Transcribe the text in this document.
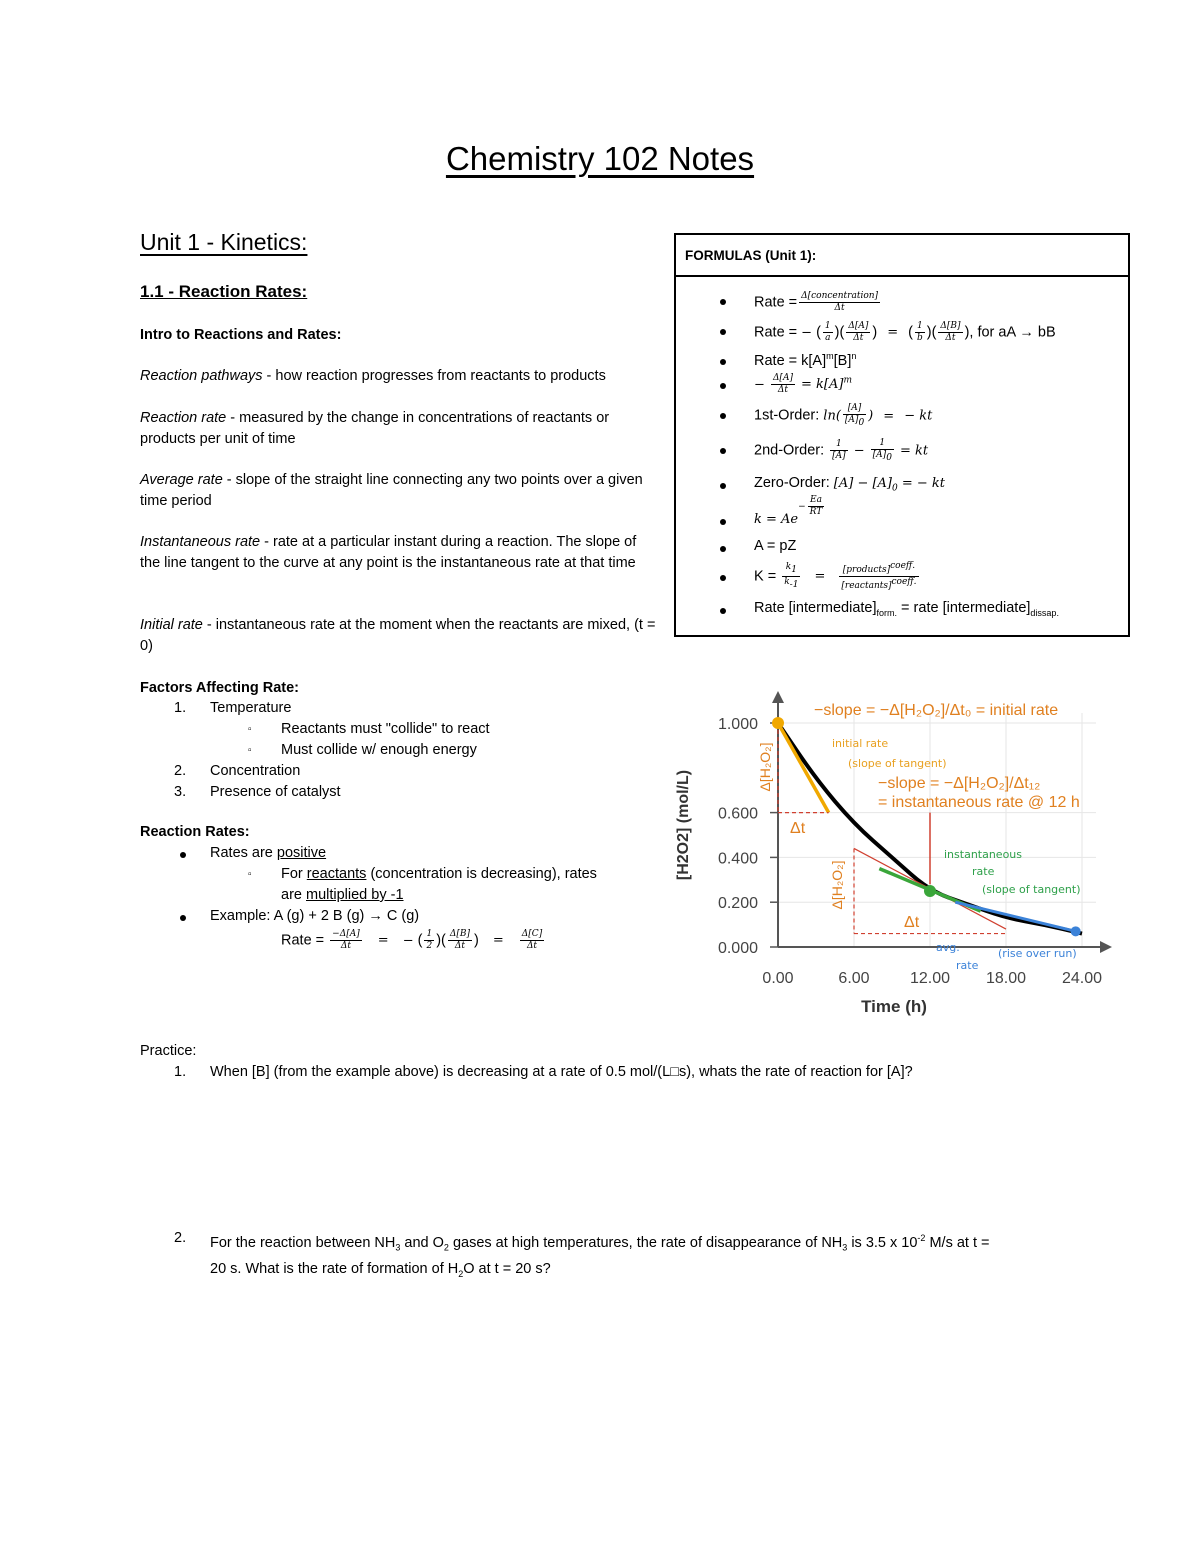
Chemistry 102 Notes
Unit 1 - Kinetics:
1.1 - Reaction Rates:
Intro to Reactions and Rates:
Reaction pathways - how reaction progresses from reactants to products
Reaction rate - measured by the change in concentrations of reactants or products per unit of time
Average rate - slope of the straight line connecting any two points over a given time period
Instantaneous rate - rate at a particular instant during a reaction. The slope of the line tangent to the curve at any point is the instantaneous rate at that time
Initial rate - instantaneous rate at the moment when the reactants are mixed, (t = 0)
Factors Affecting Rate:
1. Temperature
▫ Reactants must "collide" to react
▫ Must collide w/ enough energy
2. Concentration
3. Presence of catalyst
Reaction Rates:
Rates are positive
▫ For reactants (concentration is decreasing), rates
are multiplied by -1
Example: A (g) + 2 B (g) → C (g)
Rate = $\frac{-\Delta[A]}{\Delta t}$ = − ( $\frac{1}{2}$ )( $\frac{\Delta[B]}{\Delta t}$ ) = $\frac{\Delta[C]}{\Delta t}$
FORMULAS (Unit 1):
Rate = $\frac{\text{Δ[concentration]}}{\Delta t}$
Rate = − ( $\frac{1}{a}$ )( $\frac{\Delta[A]}{\Delta t}$ ) = ( $\frac{1}{b}$ )( $\frac{\Delta[B]}{\Delta t}$ ), for aA → bB
Rate = $k[A]^m[B]^n$
− $\frac{\Delta[A]}{\Delta t} = k[A]^m$
1st-Order: $\ln( \frac{[A]}{[A]_0}$ ) = − kt
2nd-Order: $\frac{1}{[A]} - \frac{1}{[A]_0}$ = kt
Zero-Order: $[A] - [A]_0$ = − kt
$k = Ae^{- \frac{Ea}{RT}}$
A = pZ
$K = \frac{k_1}{k_{-1}} = \frac{[products]^{coeff.}}{[reactants]^{coeff.}}$
Rate $[intermediate]_{form.}$ = rate $[intermediate]_{dissap.}$
0.00	6.00	12.00 18.00 24.00
0.000
0.200
0.400
0.600
1.000
Time (h)
[H2O2] (mol/L)
−slope = −Δ[H₂O₂]/Δt₀ = initial rate
initial rate
(slope of tangent)
−slope = −Δ[H₂O₂]/Δt₁₂
= instantaneous rate @ 12 h
instantaneous
rate
(slope of tangent)
avg.
rate
(rise over run)
Δt
Δt
Δ[H₂O₂]
Δ[H₂O₂]
Practice:
1. When [B] (from the example above) is decreasing at a rate of 0.5 mol/(L□s), whats the rate of reaction for [A]?
2. For the reaction between $NH_3$ and $O_2$ gases at high temperatures, the rate of disappearance of $NH_3$ is 3.5 x $10^{-2}$ M/s at t =
20 s. What is the rate of formation of $H_2O$ at t = 20 s?
